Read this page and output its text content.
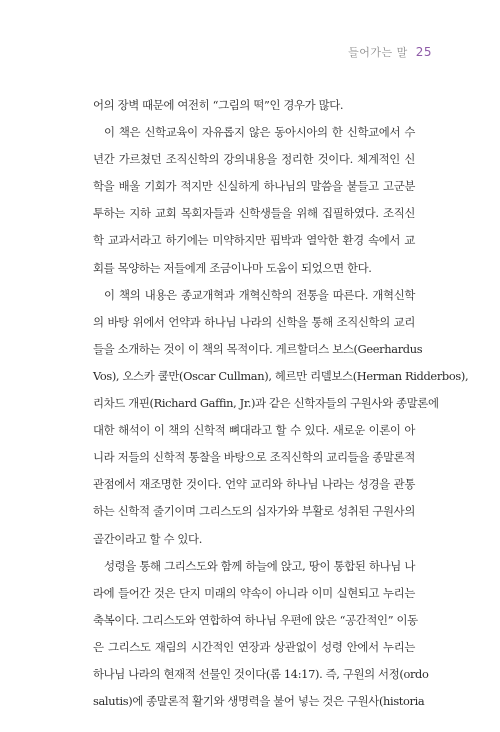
들어가는 말 25
어의 장벽 때문에 여전히 “그림의 떡”인 경우가 많다.
이 책은 신학교육이 자유롭지 않은 동아시아의 한 신학교에서 수
년간 가르쳤던 조직신학의 강의내용을 정리한 것이다. 체계적인 신
학을 배울 기회가 적지만 신실하게 하나님의 말씀을 붙들고 고군분
투하는 지하 교회 목회자들과 신학생들을 위해 집필하였다. 조직신
학 교과서라고 하기에는 미약하지만 핍박과 열악한 환경 속에서 교
회를 목양하는 저들에게 조금이나마 도움이 되었으면 한다.
이 책의 내용은 종교개혁과 개혁신학의 전통을 따른다. 개혁신학
의 바탕 위에서 언약과 하나님 나라의 신학을 통해 조직신학의 교리
들을 소개하는 것이 이 책의 목적이다. 게르할더스 보스(Geerhardus
Vos), 오스카 쿨만(Oscar Cullman), 헤르만 리델보스(Herman Ridderbos),
리차드 개핀(Richard Gaffin, Jr.)과 같은 신학자들의 구원사와 종말론에
대한 해석이 이 책의 신학적 뼈대라고 할 수 있다. 새로운 이론이 아
니라 저들의 신학적 통찰을 바탕으로 조직신학의 교리들을 종말론적
관점에서 재조명한 것이다. 언약 교리와 하나님 나라는 성경을 관통
하는 신학적 줄기이며 그리스도의 십자가와 부활로 성취된 구원사의
골간이라고 할 수 있다.
성령을 통해 그리스도와 함께 하늘에 앉고, 땅이 통합된 하나님 나
라에 들어간 것은 단지 미래의 약속이 아니라 이미 실현되고 누리는
축복이다. 그리스도와 연합하여 하나님 우편에 앉은 “공간적인” 이동
은 그리스도 재림의 시간적인 연장과 상관없이 성령 안에서 누리는
하나님 나라의 현재적 선물인 것이다(롬 14:17). 즉, 구원의 서정(ordo
salutis)에 종말론적 활기와 생명력을 불어 넣는 것은 구원사(historia
